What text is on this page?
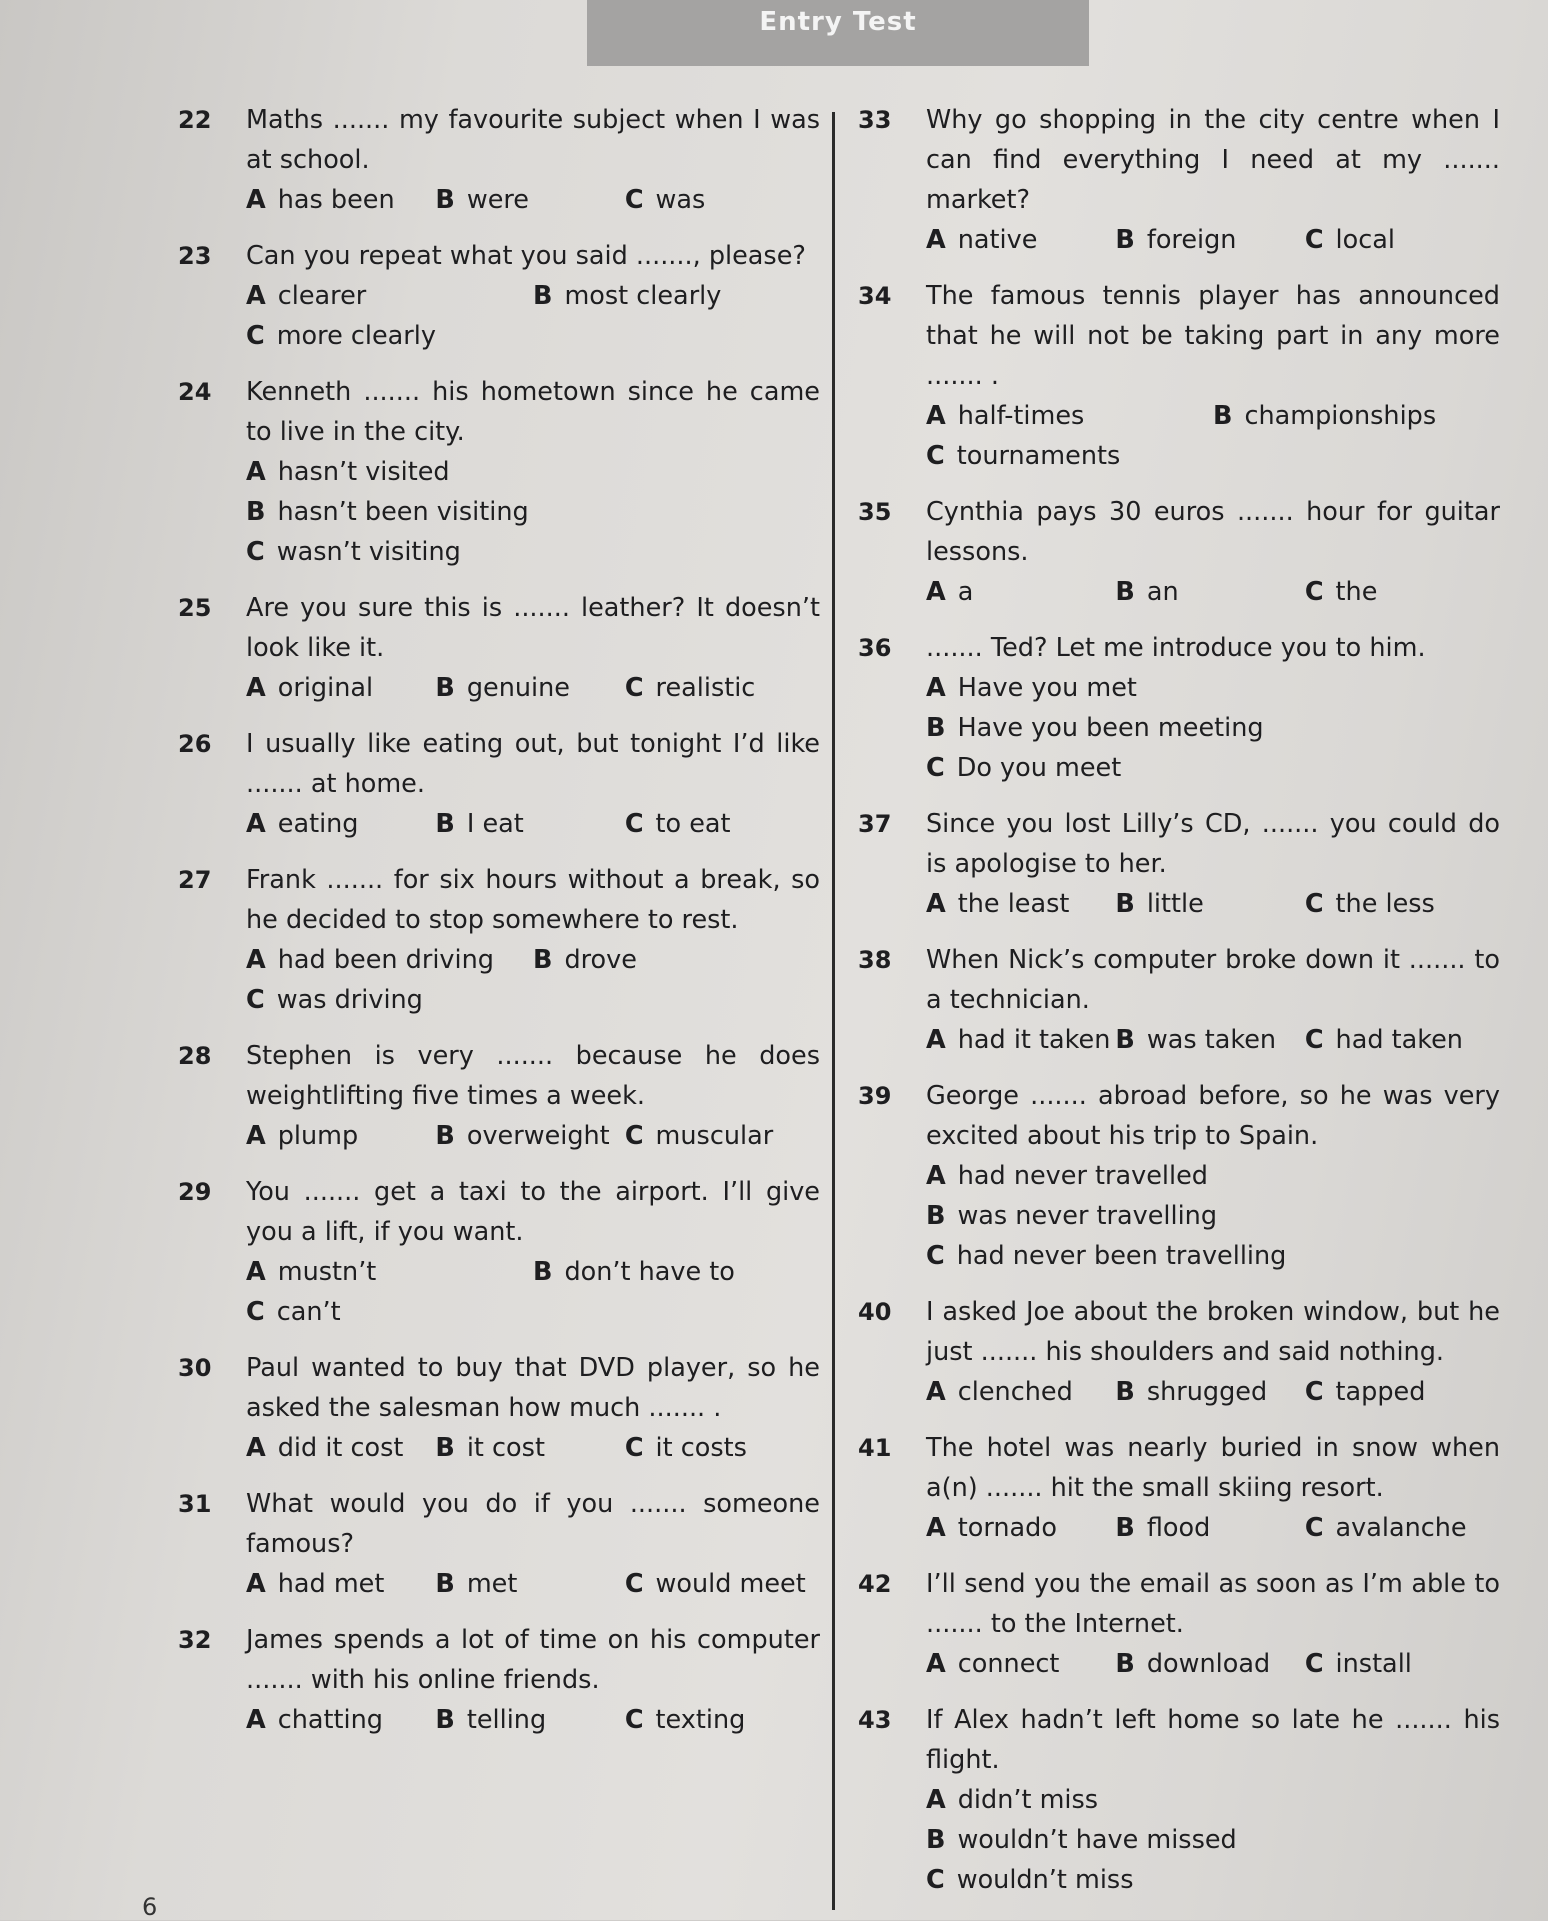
Entry Test
22 Maths ....... my favourite subject when I was at school.
A has been	B were	C was
23 Can you repeat what you said ......., please?
A clearer	B most clearly
C more clearly
24 Kenneth ....... his hometown since he came to live in the city.
A hasn’t visited
B hasn’t been visiting
C wasn’t visiting
25 Are you sure this is ....... leather? It doesn’t look like it.
A original	B genuine	C realistic
26 I usually like eating out, but tonight I’d like ....... at home.
A eating	B I eat	C to eat
27 Frank ....... for six hours without a break, so he decided to stop somewhere to rest.
A had been driving	B drove
C was driving
28 Stephen is very ....... because he does weightlifting five times a week.
A plump	B overweight C muscular
29 You ....... get a taxi to the airport. I’ll give you a lift, if you want.
A mustn’t	B don’t have to
C can’t
30 Paul wanted to buy that DVD player, so he asked the salesman how much ....... .
A did it cost	B it cost	C it costs
31 What would you do if you ....... someone famous?
A had met	B met	C would meet
32 James spends a lot of time on his computer ....... with his online friends.
A chatting	B telling	C texting
33 Why go shopping in the city centre when I can find everything I need at my ....... market?
A native	B foreign	C local
34 The famous tennis player has announced that he will not be taking part in any more ....... .
A half-times	B championships
C tournaments
35 Cynthia pays 30 euros ....... hour for guitar lessons.
A a	B an	C the
36 ....... Ted? Let me introduce you to him.
A Have you met
B Have you been meeting
C Do you meet
37 Since you lost Lilly’s CD, ....... you could do is apologise to her.
A the least	B little	C the less
38 When Nick’s computer broke down it ....... to a technician.
A had it taken B was taken	C had taken
39 George ....... abroad before, so he was very excited about his trip to Spain.
A had never travelled
B was never travelling
C had never been travelling
40 I asked Joe about the broken window, but he just ....... his shoulders and said nothing.
A clenched	B shrugged	C tapped
41 The hotel was nearly buried in snow when a(n) ....... hit the small skiing resort.
A tornado	B flood	C avalanche
42 I’ll send you the email as soon as I’m able to ....... to the Internet.
A connect	B download	C install
43 If Alex hadn’t left home so late he ....... his flight.
A didn’t miss
B wouldn’t have missed
C wouldn’t miss
6
